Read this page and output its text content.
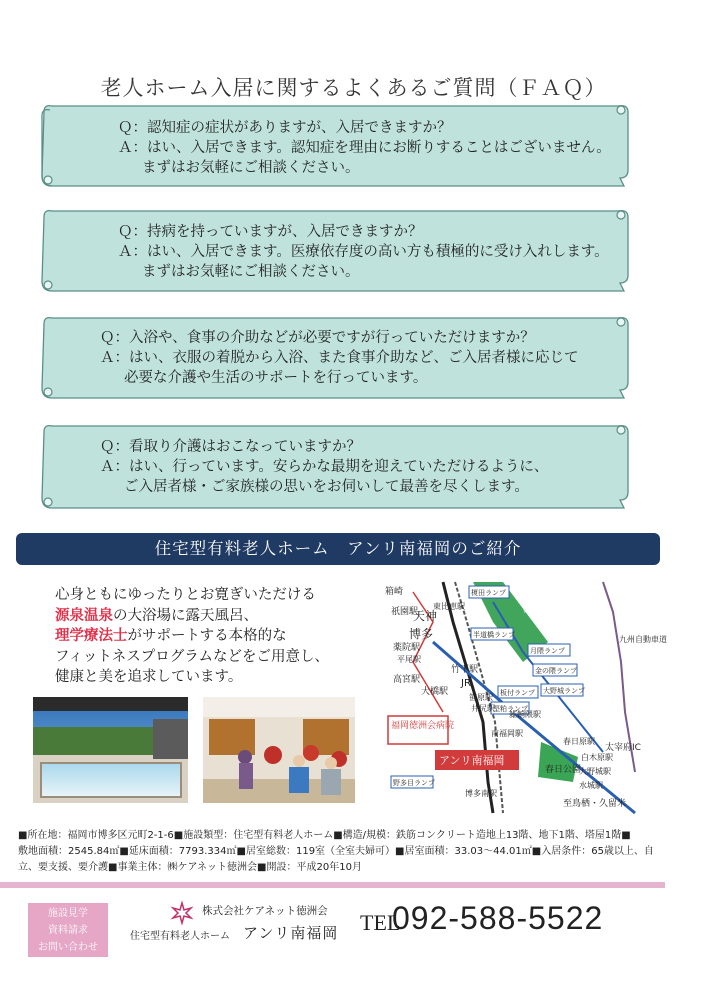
老人ホーム入居に関するよくあるご質問（ＦＡＱ）
Ｑ：認知症の症状がありますが、入居できますか？
Ａ：はい、入居できます。認知症を理由にお断りすることはございません。
まずはお気軽にご相談ください。
Ｑ：持病を持っていますが、入居できますか？
Ａ：はい、入居できます。医療依存度の高い方も積極的に受け入れします。
まずはお気軽にご相談ください。
Ｑ：入浴や、食事の介助などが必要ですが行っていただけますか？
Ａ：はい、衣服の着脱から入浴、また食事介助など、ご入居者様に応じて
必要な介護や生活のサポートを行っています。
Ｑ：看取り介護はおこなっていますか？
Ａ：はい、行っています。安らかな最期を迎えていただけるように、
ご入居者様・ご家族様の思いをお伺いして最善を尽くします。
住宅型有料老人ホーム　アンリ南福岡のご紹介
心身ともにゆったりとお寛ぎいただける
源泉温泉の大浴場に露天風呂、
理学療法士がサポートする本格的な
フィットネスプログラムなどをご用意し、
健康と美を追求しています。
箱崎
祇園駅
天神
東比恵駅
博多
薬院駅
平尾駅
高宮駅
竹下駅
大橋駅
笹原駅
井尻駅
雑餉隈駅
南福岡駅
春日原駅
春日公園
白木原駅
大野城駅
水城駅
太宰府IC
至鳥栖・久留米
博多南駅
福岡空港
九州自動車道
福岡徳洲会病院
アンリ南福岡
JR
榎田ランプ
半道橋ランプ
月隈ランプ
金の隈ランプ
大野城ランプ
板付ランプ
堅粕ランプ
野多目ランプ
■所在地：福岡市博多区元町2-1-6■施設類型：住宅型有料老人ホーム■構造/規模：鉄筋コンクリート造地上13階、地下1階、塔屋1階■
敷地面積：2545.84㎡■延床面積：7793.334㎡■居室総数：119室（全室夫婦可）■居室面積：33.03～44.01㎡■入居条件：65歳以上、自
立、要支援、要介護■事業主体：㈱ケアネット徳洲会■開設：平成20年10月
施設見学
資料請求
お問い合わせ
株式会社ケアネット徳洲会
住宅型有料老人ホーム アンリ南福岡 TEL
092-588-5522
